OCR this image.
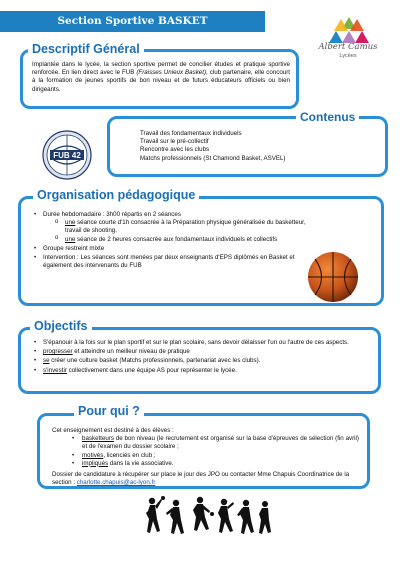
Section Sportive BASKET
Albert Camus
Lycées

Implantée dans le lycée, la section sportive permet de concilier études et pratique sportive renforcée. En lien direct avec le FUB (Fraisses Unieux Basket), club partenaire, elle concourt à la formation de jeunes sportifs de bon niveau et de futurs éducateurs officiels ou bien dirigeants.

Descriptif Général
FUB 42
Travail des fondamentaux individuels
Travail sur le pré-collectif
Rencontre avec les clubs
Matchs professionnels (St Chamond Basket, ASVEL)
Contenus
• Durée hebdomadaire : 3h00 répartis en 2 séances
o une séance courte d'1h consacrée à la Préparation physique généralisée du basketteur, travail de shooting.
o une séance de 2 heures consacrée aux fondamentaux individuels et collectifs
• Groupe restreint mixte
• Intervention : Les séances sont menées par deux enseignants d'EPS diplômés en Basket et également des intervenants du FUB
Organisation pédagogique
• S'épanouir à la fois sur le plan sportif et sur le plan scolaire, sans devoir délaisser l'un ou l'autre de ces aspects.
• progresser et atteindre un meilleur niveau de pratique
• se créer une culture basket (Matchs professionnels, partenariat avec les clubs).
• s'investir collectivement dans une équipe AS pour représenter le lycée.
Objectifs

Cet enseignement est destiné à des élèves :

• basketteurs de bon niveau (le recrutement est organisé sur la base d'épreuves de sélection (fin avril) et de l'examen du dossier scolaire ;
• motivés, licenciés en club ;
• impliqués dans la vie associative.

Dossier de candidature à récupérer sur place le jour des JPO ou contacter Mme Chapuis Coordinatrice de la section : charlotte.chapuis@ac-lyon.fr

Pour qui ?
